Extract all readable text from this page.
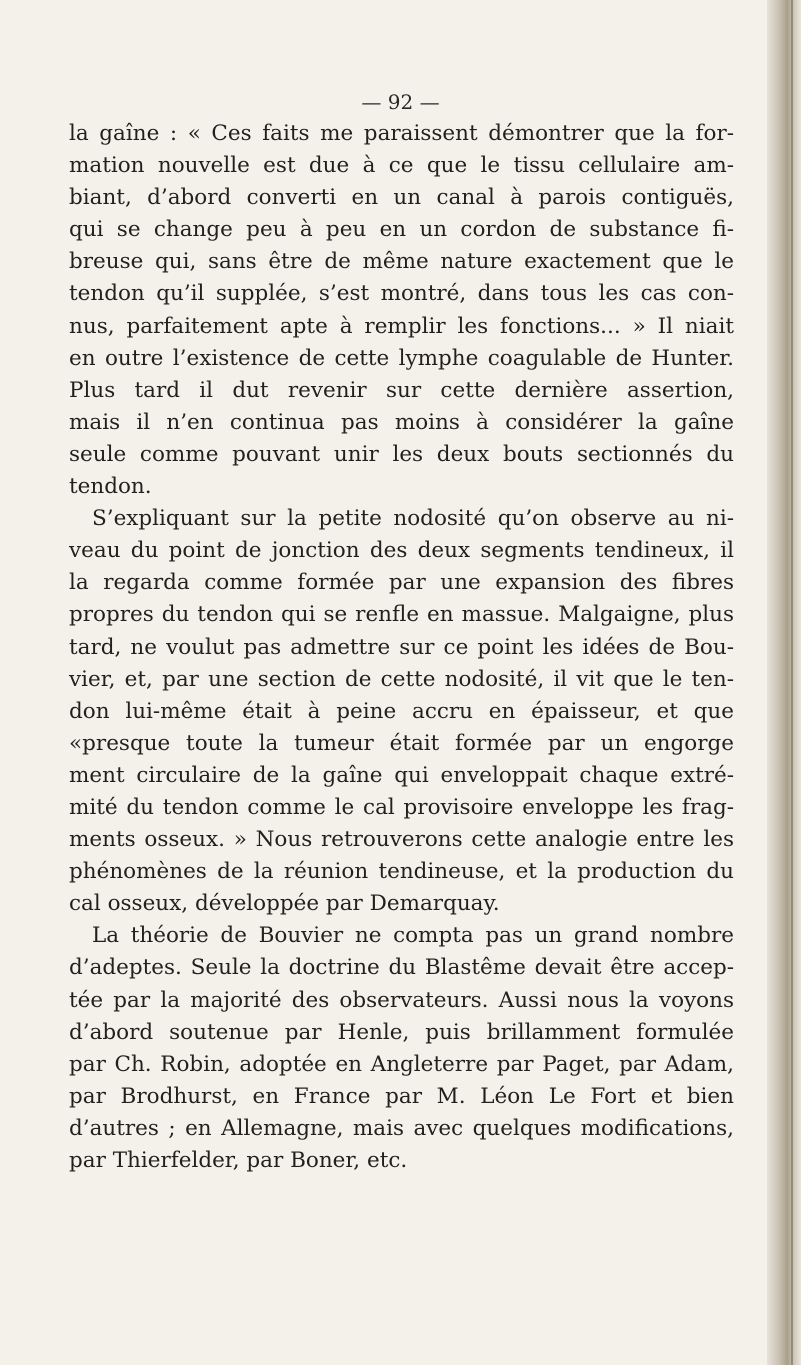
— 92 —
la gaîne : « Ces faits me paraissent démontrer que la for-
mation nouvelle est due à ce que le tissu cellulaire am-
biant, d’abord converti en un canal à parois contiguës,
qui se change peu à peu en un cordon de substance fi-
breuse qui, sans être de même nature exactement que le
tendon qu’il supplée, s’est montré, dans tous les cas con-
nus, parfaitement apte à remplir les fonctions... » Il niait
en outre l’existence de cette lymphe coagulable de Hunter.
Plus tard il dut revenir sur cette dernière assertion,
mais il n’en continua pas moins à considérer la gaîne
seule comme pouvant unir les deux bouts sectionnés du
tendon.
S’expliquant sur la petite nodosité qu’on observe au ni-
veau du point de jonction des deux segments tendineux, il
la regarda comme formée par une expansion des fibres
propres du tendon qui se renfle en massue. Malgaigne, plus
tard, ne voulut pas admettre sur ce point les idées de Bou-
vier, et, par une section de cette nodosité, il vit que le ten-
don lui-même était à peine accru en épaisseur, et que
«presque toute la tumeur était formée par un engorge
ment circulaire de la gaîne qui enveloppait chaque extré-
mité du tendon comme le cal provisoire enveloppe les frag-
ments osseux. » Nous retrouverons cette analogie entre les
phénomènes de la réunion tendineuse, et la production du
cal osseux, développée par Demarquay.
La théorie de Bouvier ne compta pas un grand nombre
d’adeptes. Seule la doctrine du Blastême devait être accep-
tée par la majorité des observateurs. Aussi nous la voyons
d’abord soutenue par Henle, puis brillamment formulée
par Ch. Robin, adoptée en Angleterre par Paget, par Adam,
par Brodhurst, en France par M. Léon Le Fort et bien
d’autres ; en Allemagne, mais avec quelques modifications,
par Thierfelder, par Boner, etc.
